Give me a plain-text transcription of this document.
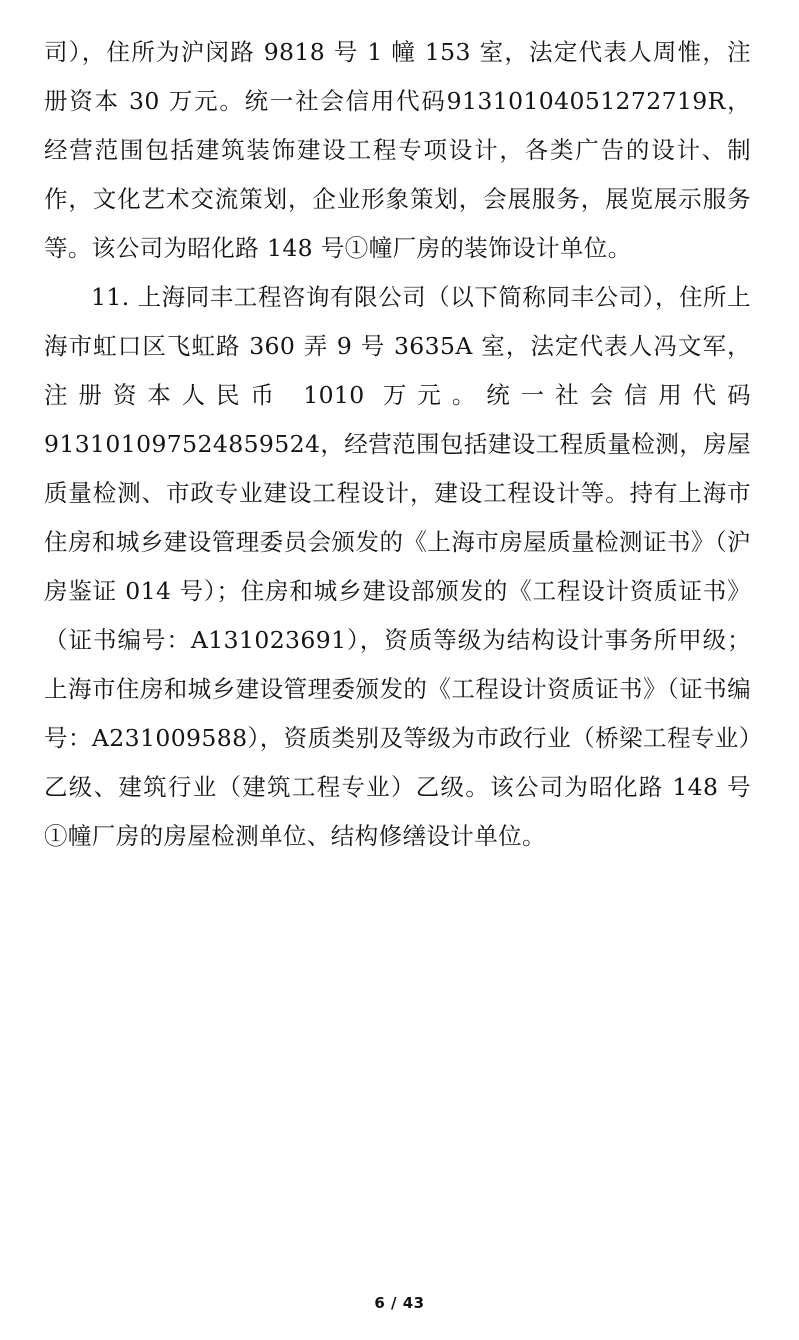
司），住所为沪闵路 9818 号 1 幢 153 室，法定代表人周惟，注册资本 30 万元。统一社会信用代码91310104051272719R，经营范围包括建筑装饰建设工程专项设计，各类广告的设计、制作，文化艺术交流策划，企业形象策划，会展服务，展览展示服务等。该公司为昭化路 148 号①幢厂房的装饰设计单位。

11. 上海同丰工程咨询有限公司（以下简称同丰公司），住所上海市虹口区飞虹路 360 弄 9 号 3635A 室，法定代表人冯文军，注册资本人民币 1010 万元。统一社会信用代码913101097524859524，经营范围包括建设工程质量检测，房屋质量检测、市政专业建设工程设计，建设工程设计等。持有上海市住房和城乡建设管理委员会颁发的《上海市房屋质量检测证书》（沪房鉴证 014 号）；住房和城乡建设部颁发的《工程设计资质证书》（证书编号：A131023691），资质等级为结构设计事务所甲级；上海市住房和城乡建设管理委颁发的《工程设计资质证书》（证书编号：A231009588），资质类别及等级为市政行业（桥梁工程专业）乙级、建筑行业（建筑工程专业）乙级。该公司为昭化路 148 号①幢厂房的房屋检测单位、结构修缮设计单位。

6 / 43
